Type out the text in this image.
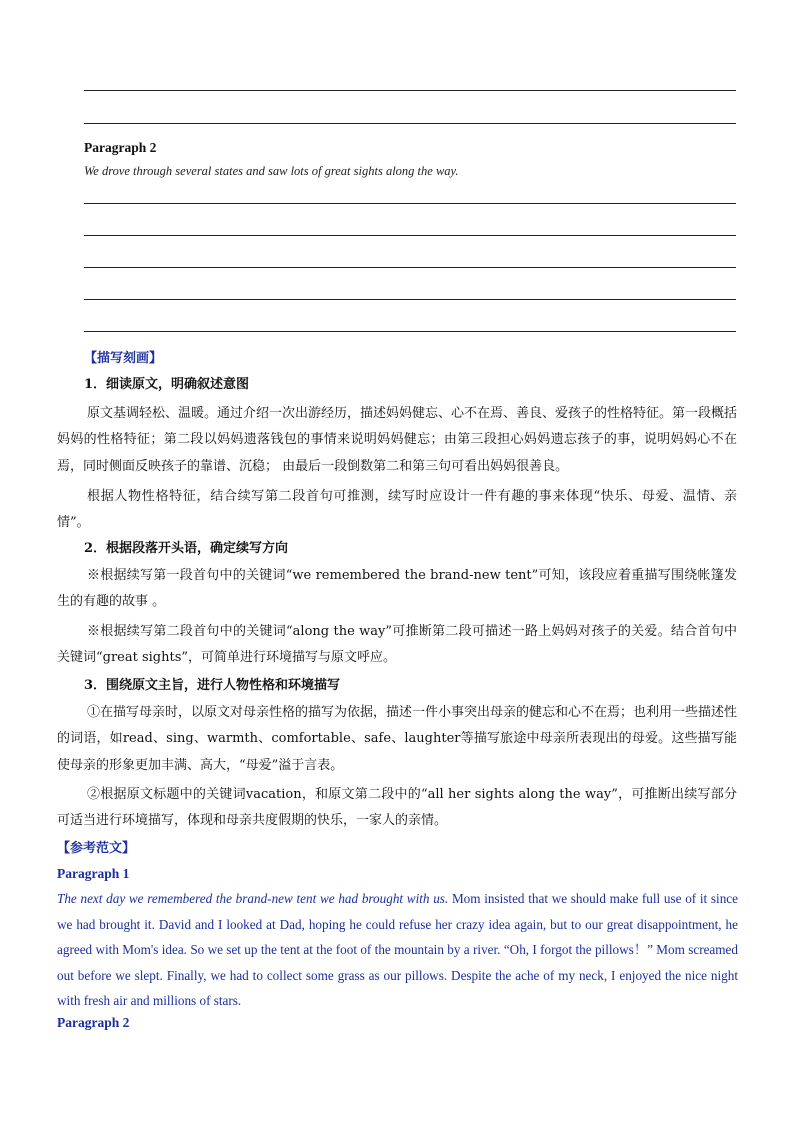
Paragraph 2
We drove through several states and saw lots of great sights along the way.
【描写刻画】
1．细读原文，明确叙述意图
原文基调轻松、温暖。通过介绍一次出游经历，描述妈妈健忘、心不在焉、善良、爱孩子的性格特征。第一段概括妈妈的性格特征；第二段以妈妈遗落钱包的事情来说明妈妈健忘；由第三段担心妈妈遗忘孩子的事，说明妈妈心不在焉，同时侧面反映孩子的靠谱、沉稳； 由最后一段倒数第二和第三句可看出妈妈很善良。
根据人物性格特征，结合续写第二段首句可推测，续写时应设计一件有趣的事来体现“快乐、母爱、温情、亲情”。
2．根据段落开头语，确定续写方向
※根据续写第一段首句中的关键词“we remembered the brand-new tent”可知，该段应着重描写围绕帐篷发生的有趣的故事 。
※根据续写第二段首句中的关键词“along the way”可推断第二段可描述一路上妈妈对孩子的关爱。结合首句中关键词“great sights”，可简单进行环境描写与原文呼应。
3．围绕原文主旨，进行人物性格和环境描写
①在描写母亲时，以原文对母亲性格的描写为依据，描述一件小事突出母亲的健忘和心不在焉；也利用一些描述性的词语，如read、sing、warmth、comfortable、safe、laughter等描写旅途中母亲所表现出的母爱。这些描写能使母亲的形象更加丰满、高大，“母爱”溢于言表。
②根据原文标题中的关键词vacation，和原文第二段中的“all her sights along the way”，可推断出续写部分可适当进行环境描写，体现和母亲共度假期的快乐，一家人的亲情。
【参考范文】
Paragraph 1
The next day we remembered the brand-new tent we had brought with us. Mom insisted that we should make full use of it since we had brought it. David and I looked at Dad, hoping he could refuse her crazy idea again, but to our great disappointment, he agreed with Mom's idea. So we set up the tent at the foot of the mountain by a river. “Oh, I forgot the pillows！” Mom screamed out before we slept. Finally, we had to collect some grass as our pillows. Despite the ache of my neck, I enjoyed the nice night with fresh air and millions of stars.
Paragraph 2
